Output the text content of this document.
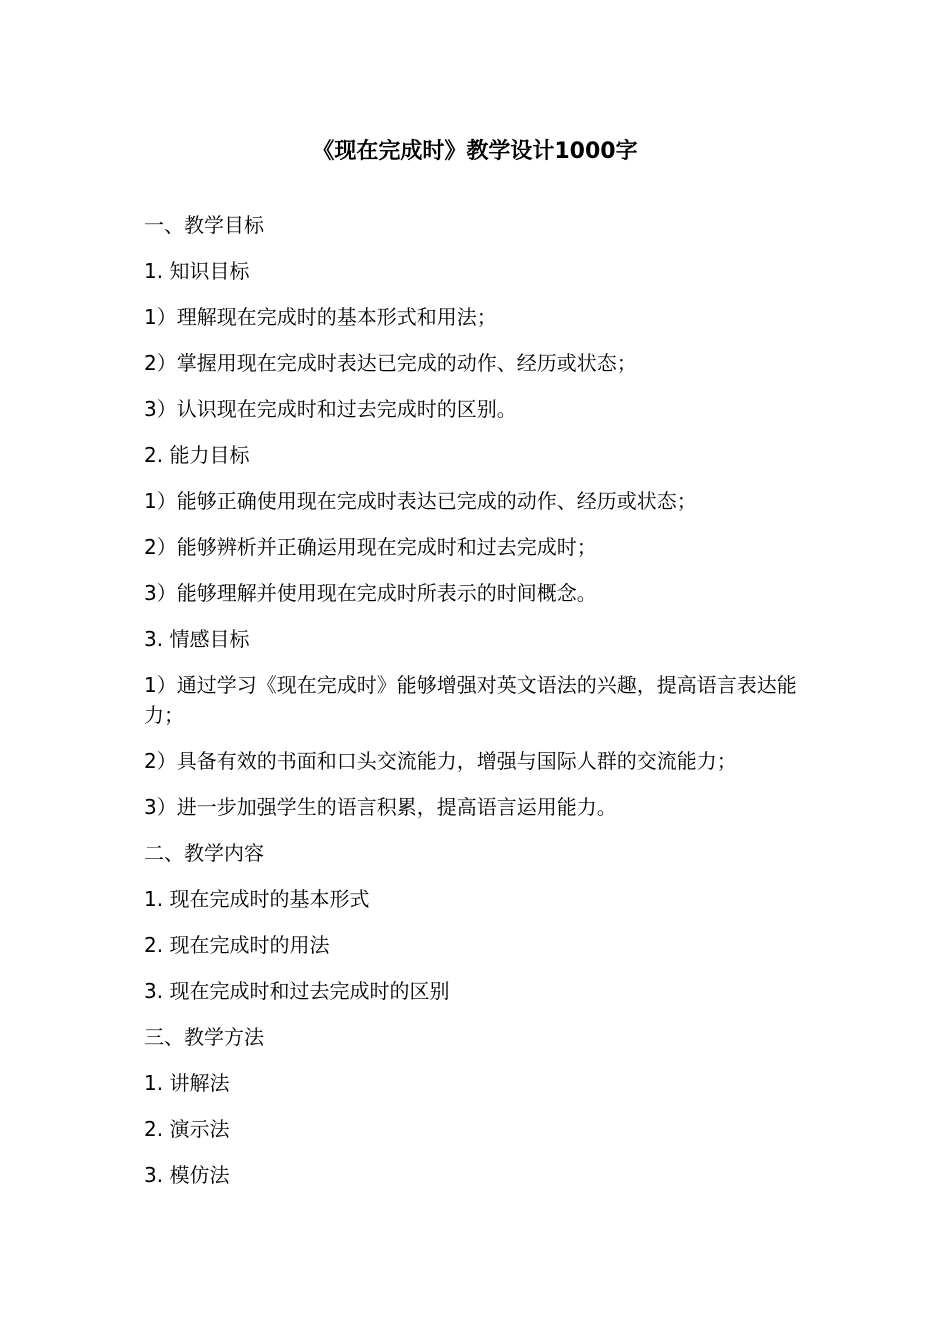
《现在完成时》教学设计1000字

一、教学目标

1. 知识目标

1）理解现在完成时的基本形式和用法；

2）掌握用现在完成时表达已完成的动作、经历或状态；

3）认识现在完成时和过去完成时的区别。

2. 能力目标

1）能够正确使用现在完成时表达已完成的动作、经历或状态；

2）能够辨析并正确运用现在完成时和过去完成时；

3）能够理解并使用现在完成时所表示的时间概念。

3. 情感目标

1）通过学习《现在完成时》能够增强对英文语法的兴趣，提高语言表达能力；

2）具备有效的书面和口头交流能力，增强与国际人群的交流能力；

3）进一步加强学生的语言积累，提高语言运用能力。

二、教学内容

1. 现在完成时的基本形式

2. 现在完成时的用法

3. 现在完成时和过去完成时的区别

三、教学方法

1. 讲解法

2. 演示法

3. 模仿法
